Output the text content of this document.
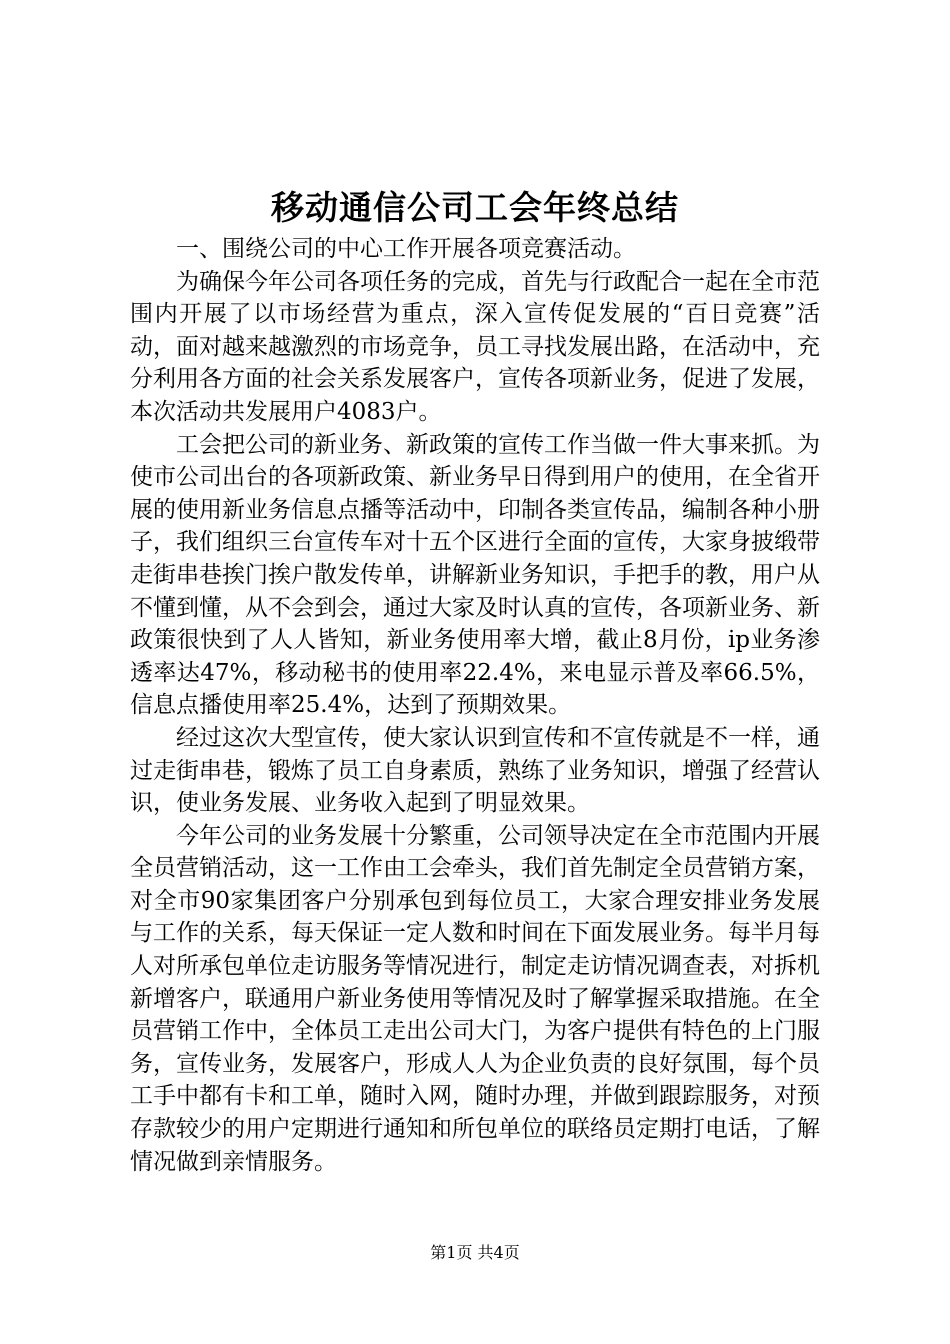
移动通信公司工会年终总结

一、围绕公司的中心工作开展各项竞赛活动。

为确保今年公司各项任务的完成，首先与行政配合一起在全市范围内开展了以市场经营为重点，深入宣传促发展的“百日竞赛”活动，面对越来越激烈的市场竞争，员工寻找发展出路，在活动中，充分利用各方面的社会关系发展客户，宣传各项新业务，促进了发展，本次活动共发展用户4083户。

工会把公司的新业务、新政策的宣传工作当做一件大事来抓。为使市公司出台的各项新政策、新业务早日得到用户的使用，在全省开展的使用新业务信息点播等活动中，印制各类宣传品，编制各种小册子，我们组织三台宣传车对十五个区进行全面的宣传，大家身披缎带走街串巷挨门挨户散发传单，讲解新业务知识，手把手的教，用户从不懂到懂，从不会到会，通过大家及时认真的宣传，各项新业务、新政策很快到了人人皆知，新业务使用率大增，截止8月份，ip业务渗透率达47%，移动秘书的使用率22.4%，来电显示普及率66.5%，信息点播使用率25.4%，达到了预期效果。

经过这次大型宣传，使大家认识到宣传和不宣传就是不一样，通过走街串巷，锻炼了员工自身素质，熟练了业务知识，增强了经营认识，使业务发展、业务收入起到了明显效果。

今年公司的业务发展十分繁重，公司领导决定在全市范围内开展全员营销活动，这一工作由工会牵头，我们首先制定全员营销方案，对全市90家集团客户分别承包到每位员工，大家合理安排业务发展与工作的关系，每天保证一定人数和时间在下面发展业务。每半月每人对所承包单位走访服务等情况进行，制定走访情况调查表，对拆机新增客户，联通用户新业务使用等情况及时了解掌握采取措施。在全员营销工作中，全体员工走出公司大门，为客户提供有特色的上门服务，宣传业务，发展客户，形成人人为企业负责的良好氛围，每个员工手中都有卡和工单，随时入网，随时办理，并做到跟踪服务，对预存款较少的用户定期进行通知和所包单位的联络员定期打电话，了解情况做到亲情服务。

第1页 共4页
